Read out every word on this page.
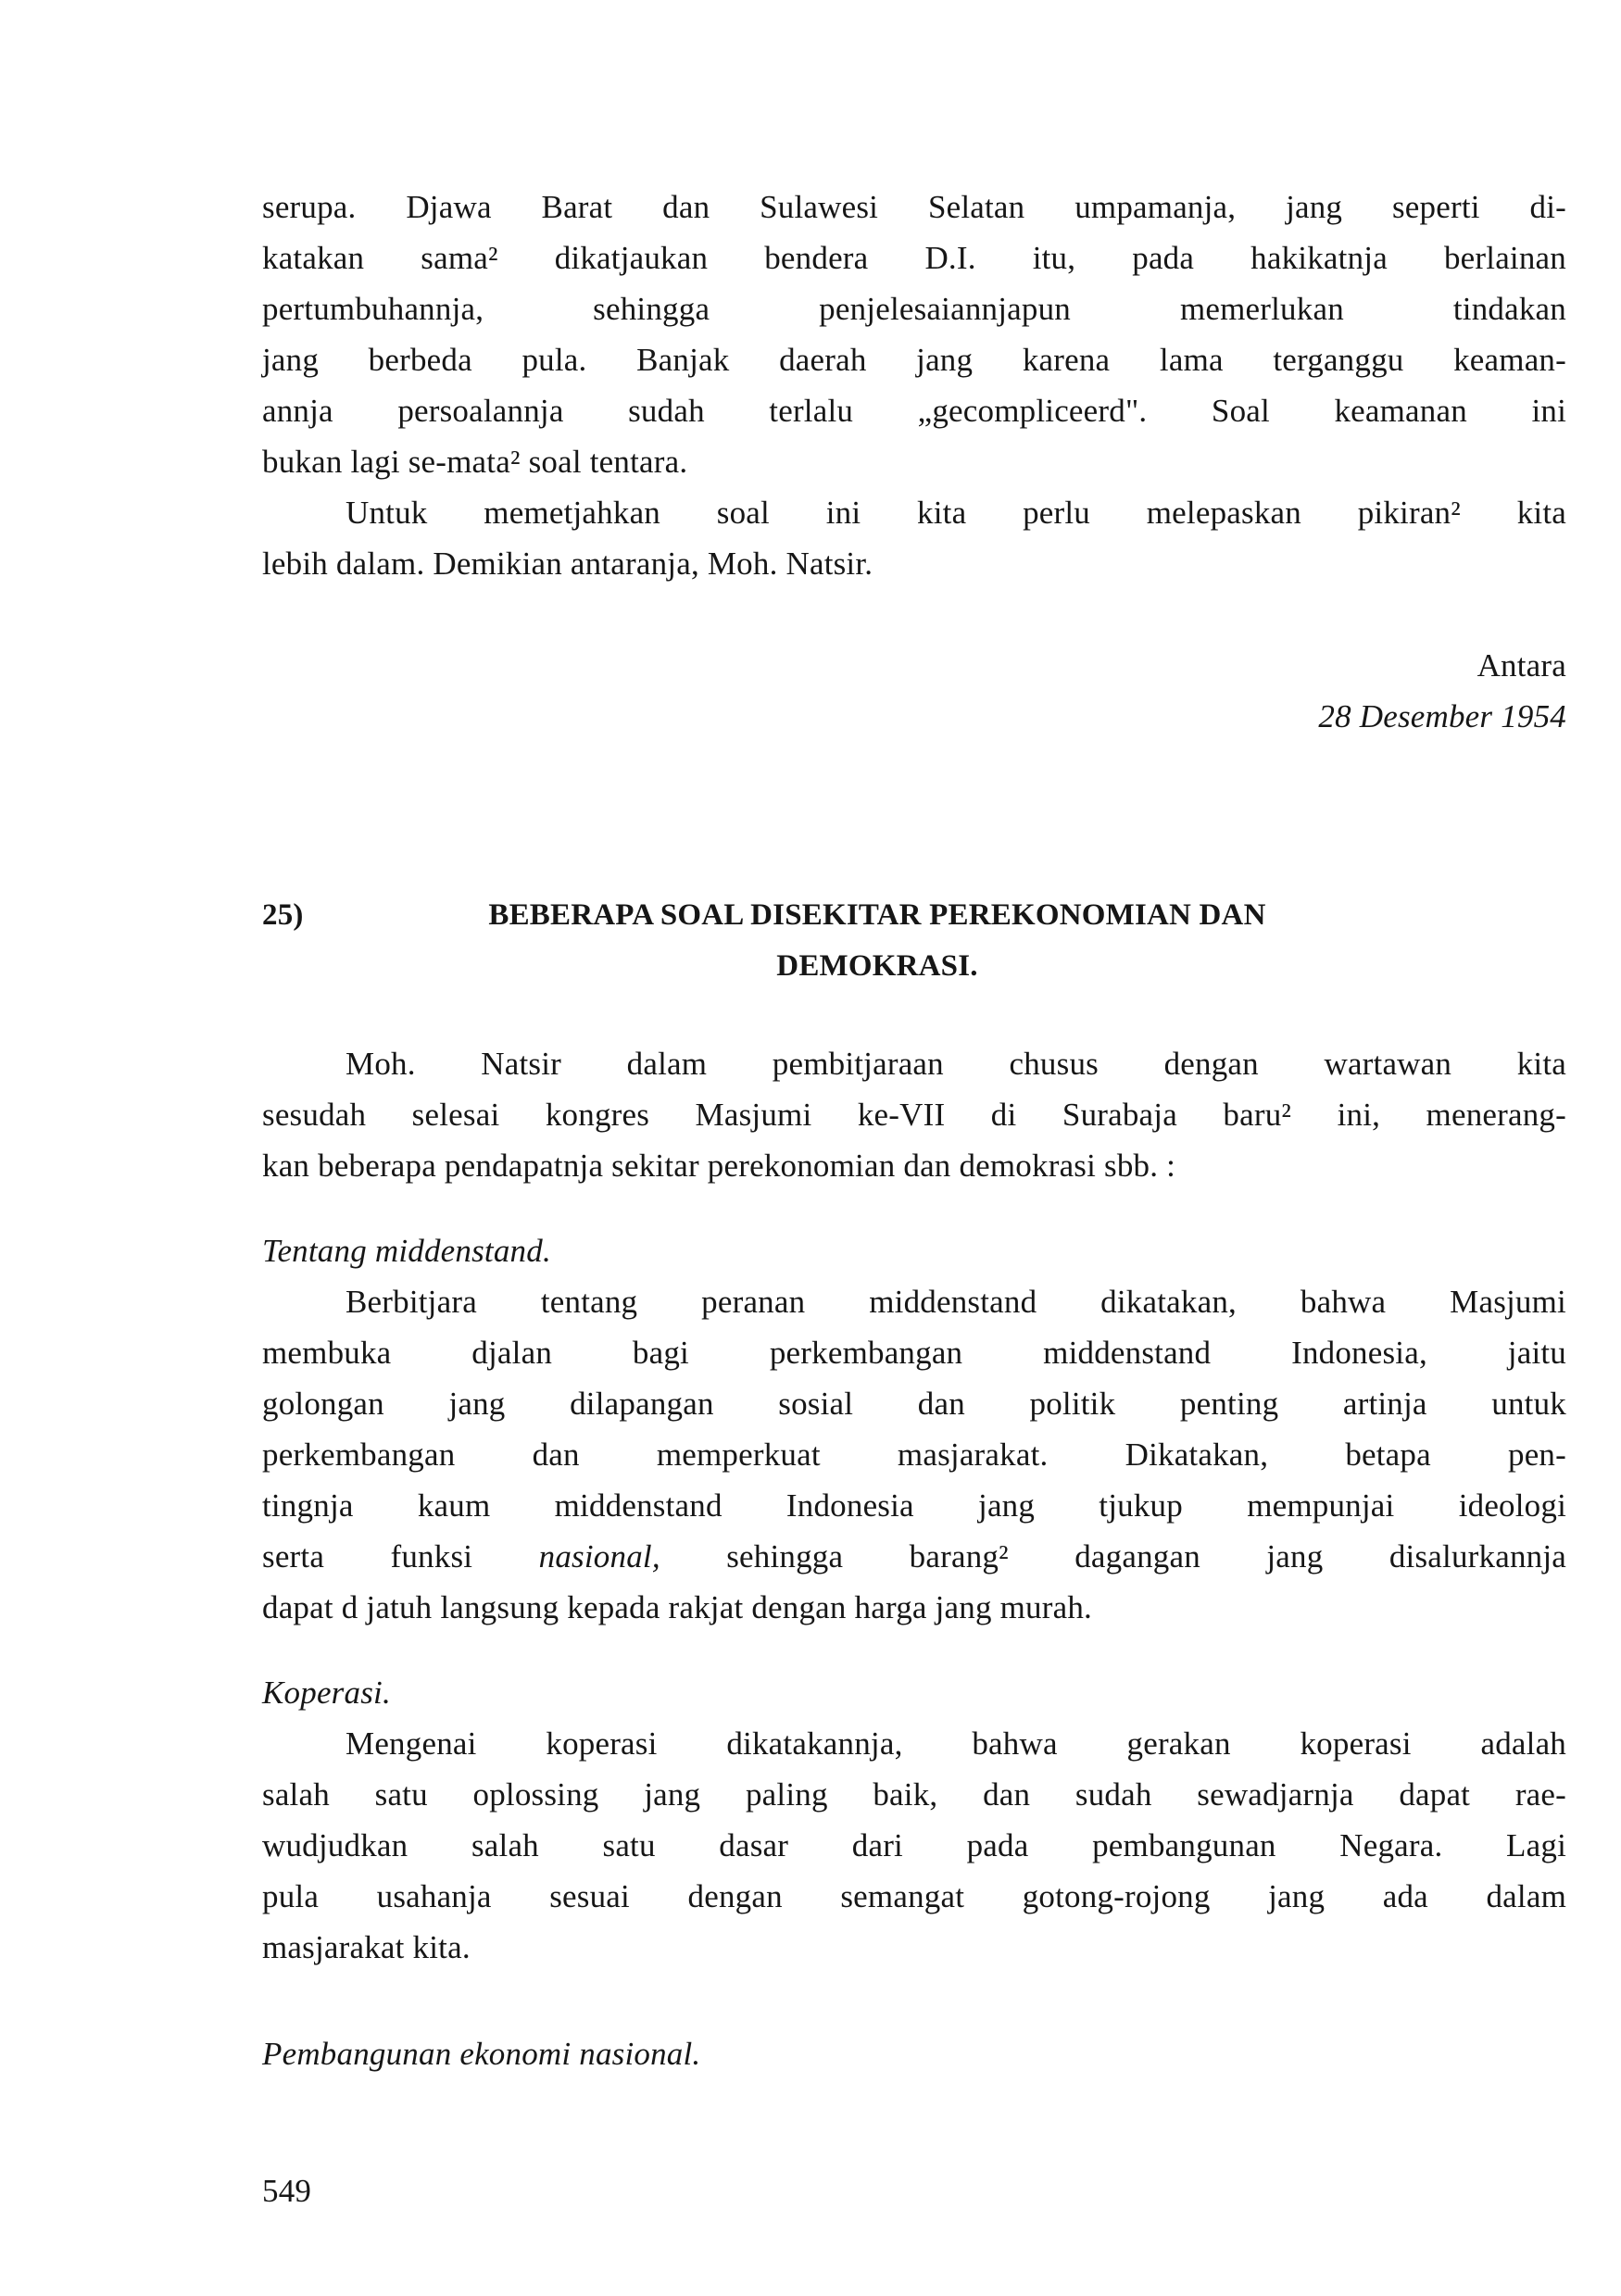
serupa. Djawa Barat dan Sulawesi Selatan umpamanja, jang seperti di-
katakan sama² dikatjaukan bendera D.I. itu, pada hakikatnja berlainan
pertumbuhannja, sehingga penjelesaiannjapun memerlukan tindakan
jang berbeda pula. Banjak daerah jang karena lama terganggu keaman-
annja persoalannja sudah terlalu „gecompliceerd". Soal keamanan ini
bukan lagi se-mata² soal tentara.
Untuk memetjahkan soal ini kita perlu melepaskan pikiran² kita
lebih dalam. Demikian antaranja, Moh. Natsir.
Antara
28 Desember 1954
25)	BEBERAPA SOAL DISEKITAR PEREKONOMIAN DAN
DEMOKRASI.
Moh. Natsir dalam pembitjaraan chusus dengan wartawan kita
sesudah selesai kongres Masjumi ke-VII di Surabaja baru² ini, menerang-
kan beberapa pendapatnja sekitar perekonomian dan demokrasi sbb. :
Tentang middenstand.
Berbitjara tentang peranan middenstand dikatakan, bahwa Masjumi
membuka djalan bagi perkembangan middenstand Indonesia, jaitu
golongan jang dilapangan sosial dan politik penting artinja untuk
perkembangan dan memperkuat masjarakat. Dikatakan, betapa pen-
tingnja kaum middenstand Indonesia jang tjukup mempunjai ideologi
serta funksi nasional, sehingga barang² dagangan jang disalurkannja
dapat d jatuh langsung kepada rakjat dengan harga jang murah.
Koperasi.
Mengenai koperasi dikatakannja, bahwa gerakan koperasi adalah
salah satu oplossing jang paling baik, dan sudah sewadjarnja dapat rae-
wudjudkan salah satu dasar dari pada pembangunan Negara. Lagi
pula usahanja sesuai dengan semangat gotong-rojong jang ada dalam
masjarakat kita.
Pembangunan ekonomi nasional.
549
